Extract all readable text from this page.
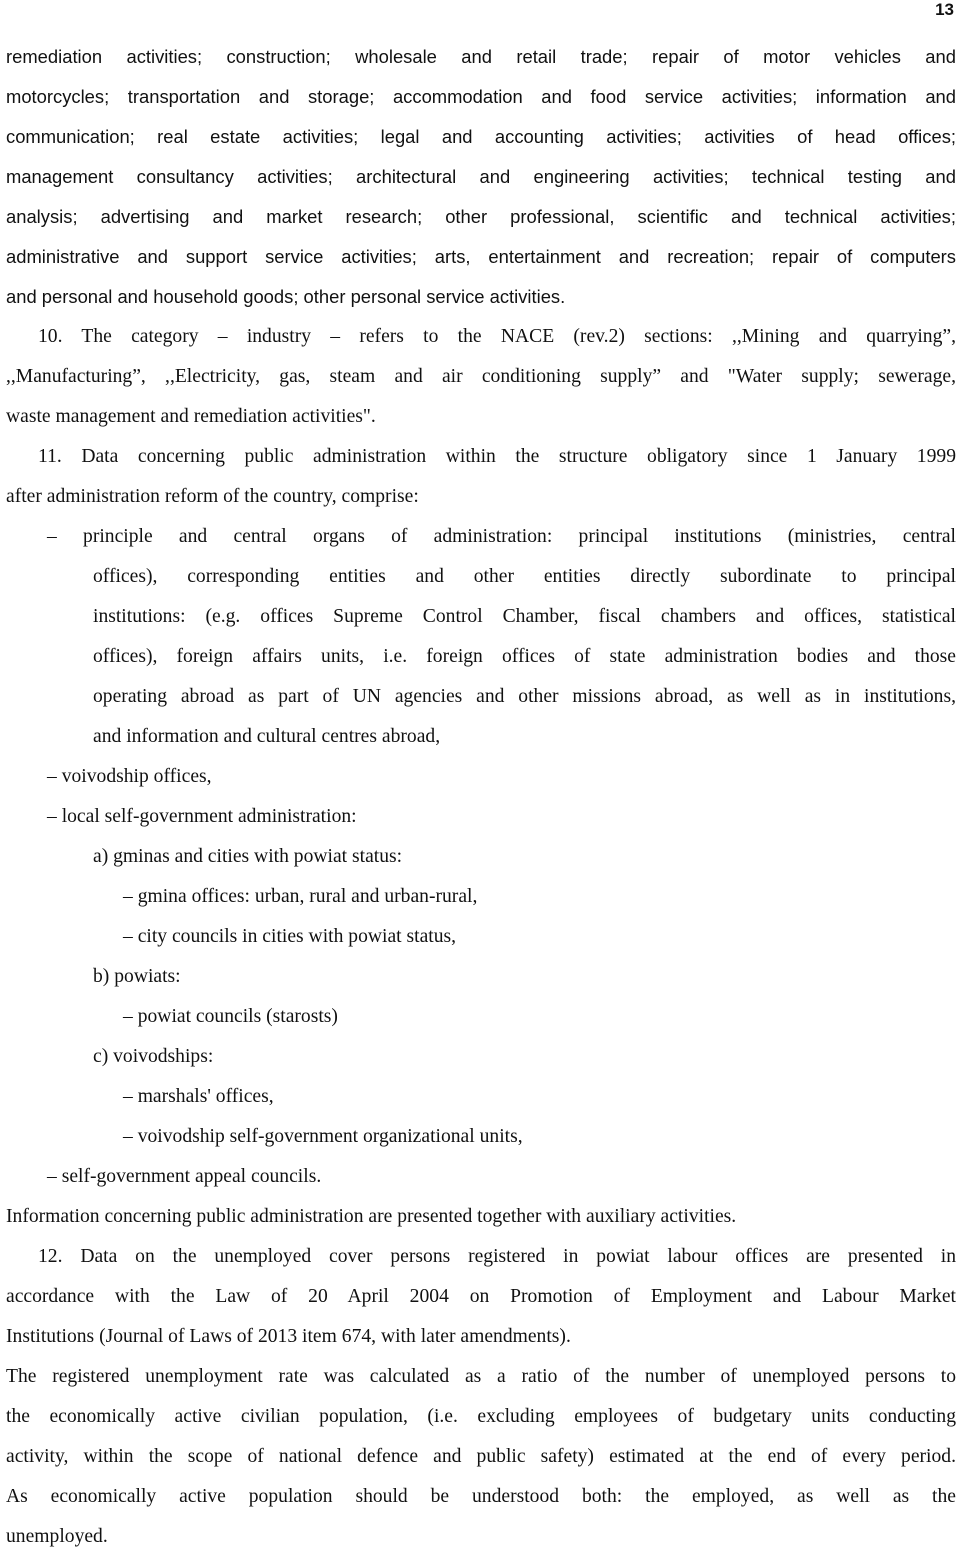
13
remediation activities; construction; wholesale and retail trade; repair of motor vehicles and
motorcycles; transportation and storage; accommodation and food service activities; information and
communication; real estate activities; legal and accounting activities; activities of head offices;
management consultancy activities; architectural and engineering activities; technical testing and
analysis; advertising and market research; other professional, scientific and technical activities;
administrative and support service activities; arts, entertainment and recreation; repair of computers
and personal and household goods; other personal service activities.
10. The category – industry – refers to the NACE (rev.2) sections: ,,Mining and quarrying”,
,,Manufacturing”, ,,Electricity, gas, steam and air conditioning supply” and "Water supply; sewerage,
waste management and remediation activities".
11. Data concerning public administration within the structure obligatory since 1 January 1999
after administration reform of the country, comprise:
– principle and central organs of administration: principal institutions (ministries, central
offices), corresponding entities and other entities directly subordinate to principal
institutions: (e.g. offices Supreme Control Chamber, fiscal chambers and offices, statistical
offices), foreign affairs units, i.e. foreign offices of state administration bodies and those
operating abroad as part of UN agencies and other missions abroad, as well as in institutions,
and information and cultural centres abroad,
– voivodship offices,
– local self-government administration:
a) gminas and cities with powiat status:
– gmina offices: urban, rural and urban-rural,
– city councils in cities with powiat status,
b) powiats:
– powiat councils (starosts)
c) voivodships:
– marshals' offices,
– voivodship self-government organizational units,
– self-government appeal councils.
Information concerning public administration are presented together with auxiliary activities.
12. Data on the unemployed cover persons registered in powiat labour offices are presented in
accordance with the Law of 20 April 2004 on Promotion of Employment and Labour Market
Institutions (Journal of Laws of 2013 item 674, with later amendments).
The registered unemployment rate was calculated as a ratio of the number of unemployed persons to
the economically active civilian population, (i.e. excluding employees of budgetary units conducting
activity, within the scope of national defence and public safety) estimated at the end of every period.
As economically active population should be understood both: the employed, as well as the
unemployed.
